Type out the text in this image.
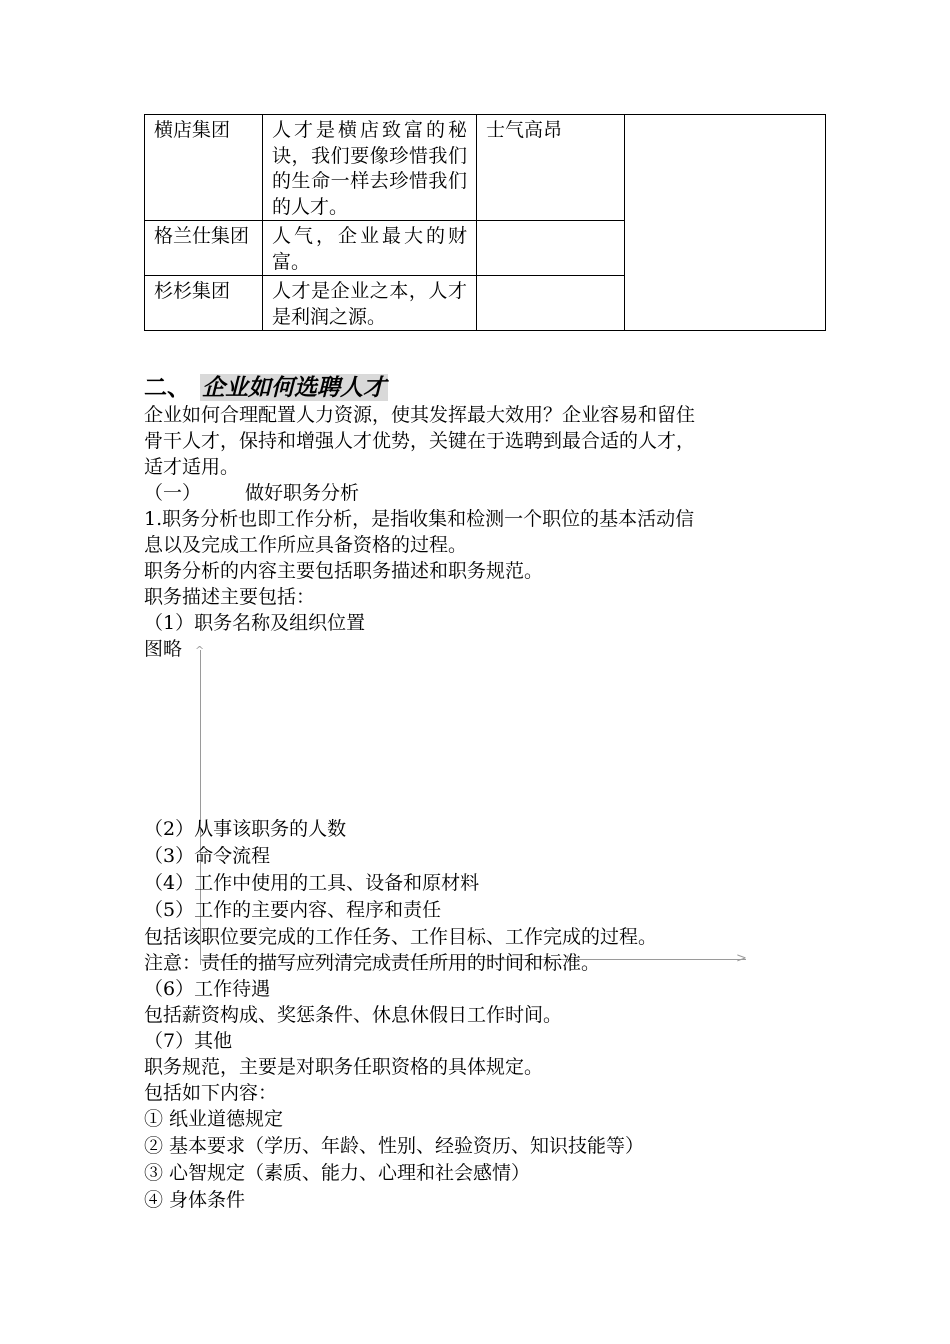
横店集团	人才是横店致富的秘诀，我们要像珍惜我们的生命一样去珍惜我们的人才。	士气高昂	
格兰仕集团	人气，企业最大的财富。		
杉杉集团	人才是企业之本，人才是利润之源。		
二、 企业如何选聘人才
企业如何合理配置人力资源，使其发挥最大效用？企业容易和留住
骨干人才，保持和增强人才优势，关键在于选聘到最合适的人才，
适才适用。
（一） 做好职务分析
1.职务分析也即工作分析，是指收集和检测一个职位的基本活动信
息以及完成工作所应具备资格的过程。
职务分析的内容主要包括职务描述和职务规范。
职务描述主要包括：
（1）职务名称及组织位置
图略 ^
>
（2）从事该职务的人数
（3）命令流程
（4）工作中使用的工具、设备和原材料
（5）工作的主要内容、程序和责任
包括该职位要完成的工作任务、工作目标、工作完成的过程。
注意：责任的描写应列清完成责任所用的时间和标准。
（6）工作待遇
包括薪资构成、奖惩条件、休息休假日工作时间。
（7）其他
职务规范，主要是对职务任职资格的具体规定。
包括如下内容：
① 纸业道德规定
② 基本要求（学历、年龄、性别、经验资历、知识技能等）
③ 心智规定（素质、能力、心理和社会感情）
④ 身体条件
